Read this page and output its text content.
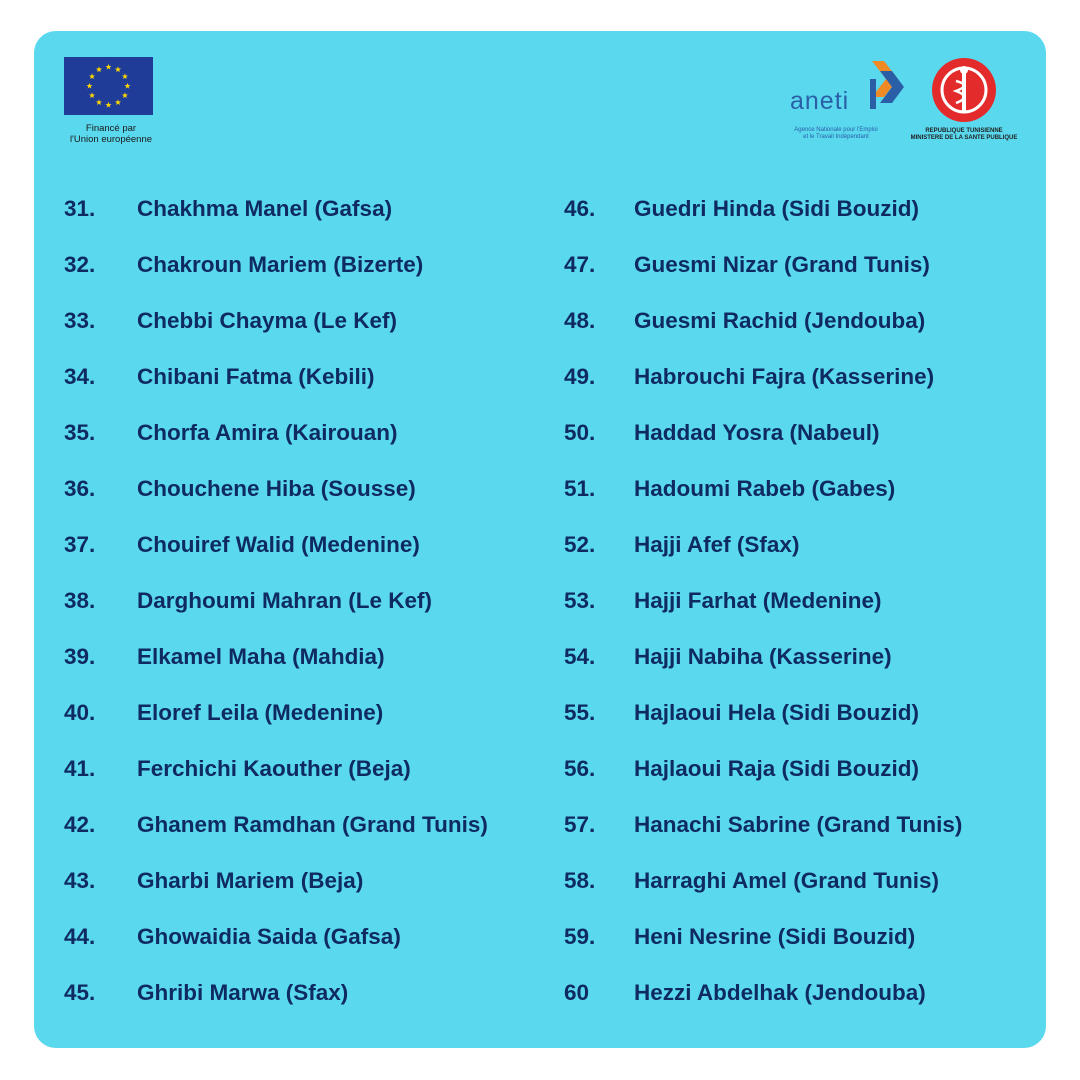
Financé par
l'Union européenne
aneti
Agence Nationale pour l'Emploi
et le Travail Indépendant
REPUBLIQUE TUNISIENNE
MINISTERE DE LA SANTE PUBLIQUE
31.	Chakhma Manel (Gafsa)
32.	Chakroun Mariem (Bizerte)
33.	Chebbi Chayma (Le Kef)
34.	Chibani Fatma (Kebili)
35.	Chorfa Amira (Kairouan)
36.	Chouchene Hiba (Sousse)
37.	Chouiref Walid (Medenine)
38.	Darghoumi Mahran (Le Kef)
39.	Elkamel Maha (Mahdia)
40.	Eloref Leila (Medenine)
41.	Ferchichi Kaouther (Beja)
42.	Ghanem Ramdhan (Grand Tunis)
43.	Gharbi Mariem (Beja)
44.	Ghowaidia Saida (Gafsa)
45.	Ghribi Marwa (Sfax)
46.	Guedri Hinda (Sidi Bouzid)
47.	Guesmi Nizar (Grand Tunis)
48.	Guesmi Rachid (Jendouba)
49.	Habrouchi Fajra (Kasserine)
50.	Haddad Yosra (Nabeul)
51.	Hadoumi Rabeb (Gabes)
52.	Hajji Afef (Sfax)
53.	Hajji Farhat (Medenine)
54.	Hajji Nabiha (Kasserine)
55.	Hajlaoui Hela (Sidi Bouzid)
56.	Hajlaoui Raja (Sidi Bouzid)
57.	Hanachi Sabrine (Grand Tunis)
58.	Harraghi Amel (Grand Tunis)
59.	Heni Nesrine (Sidi Bouzid)
60	Hezzi Abdelhak (Jendouba)
